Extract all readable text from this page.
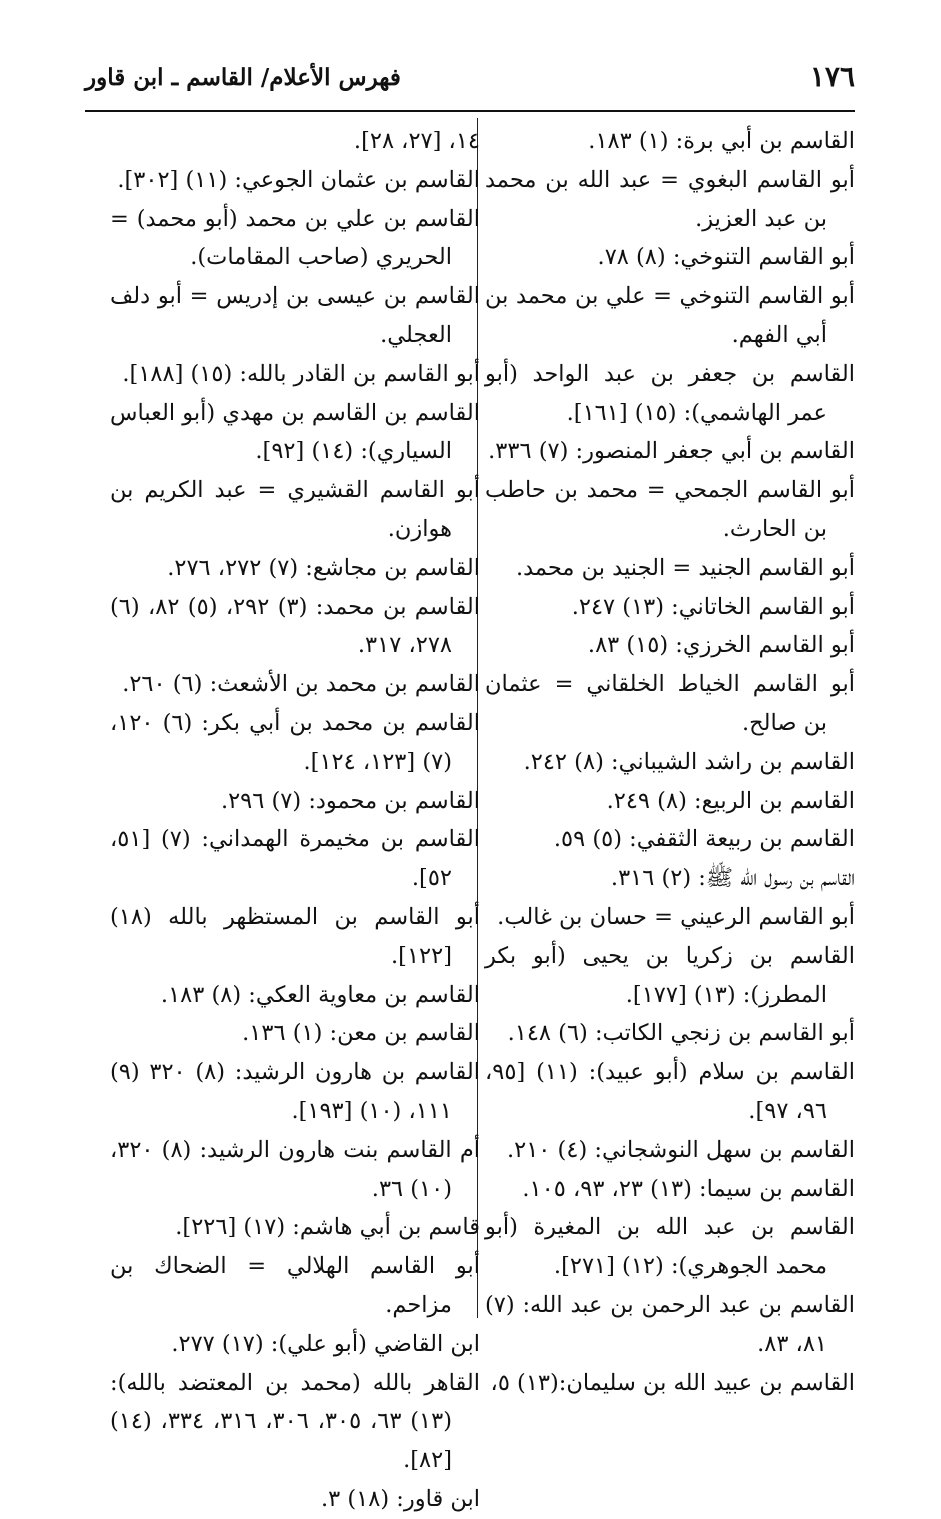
١٧٦
فهرس الأعلام/ القاسم ـ ابن قاور

القاسم بن أبي برة: (١) ١٨٣.

أبو القاسم البغوي = عبد الله بن محمد بن عبد العزيز.

أبو القاسم التنوخي: (٨) ٧٨.

أبو القاسم التنوخي = علي بن محمد بن أبي الفهم.

القاسم بن جعفر بن عبد الواحد (أبو عمر الهاشمي): (١٥) [١٦١].

القاسم بن أبي جعفر المنصور: (٧) ٣٣٦.

أبو القاسم الجمحي = محمد بن حاطب بن الحارث.

أبو القاسم الجنيد = الجنيد بن محمد.

أبو القاسم الخاتاني: (١٣) ٢٤٧.

أبو القاسم الخرزي: (١٥) ٨٣.

أبو القاسم الخياط الخلقاني = عثمان بن صالح.

القاسم بن راشد الشيباني: (٨) ٢٤٢.

القاسم بن الربيع: (٨) ٢٤٩.

القاسم بن ربيعة الثقفي: (٥) ٥٩.

القاسم بن رسول الله ﷺ: (٢) ٣١٦.

أبو القاسم الرعيني = حسان بن غالب.

القاسم بن زكريا بن يحيى (أبو بكر المطرز): (١٣) [١٧٧].

أبو القاسم بن زنجي الكاتب: (٦) ١٤٨.

القاسم بن سلام (أبو عبيد): (١١) [٩٥، ٩٦، ٩٧].

القاسم بن سهل النوشجاني: (٤) ٢١٠.

القاسم بن سيما: (١٣) ٢٣، ٩٣، ١٠٥.

القاسم بن عبد الله بن المغيرة (أبو محمد الجوهري): (١٢) [٢٧١].

القاسم بن عبد الرحمن بن عبد الله: (٧) ٨١، ٨٣.

القاسم بن عبيد الله بن سليمان:(١٣) ٥،

١٤، [٢٧، ٢٨].

القاسم بن عثمان الجوعي: (١١) [٣٠٢].

القاسم بن علي بن محمد (أبو محمد) = الحريري (صاحب المقامات).

القاسم بن عيسى بن إدريس = أبو دلف العجلي.

أبو القاسم بن القادر بالله: (١٥) [١٨٨].

القاسم بن القاسم بن مهدي (أبو العباس السياري): (١٤) [٩٢].

أبو القاسم القشيري = عبد الكريم بن هوازن.

القاسم بن مجاشع: (٧) ٢٧٢، ٢٧٦.

القاسم بن محمد: (٣) ٢٩٢، (٥) ٨٢، (٦) ٢٧٨، ٣١٧.

القاسم بن محمد بن الأشعث: (٦) ٢٦٠.

القاسم بن محمد بن أبي بكر: (٦) ١٢٠، (٧) [١٢٣، ١٢٤].

القاسم بن محمود: (٧) ٢٩٦.

القاسم بن مخيمرة الهمداني: (٧) [٥١، ٥٢].

أبو القاسم بن المستظهر بالله (١٨) [١٢٢].

القاسم بن معاوية العكي: (٨) ١٨٣.

القاسم بن معن: (١) ١٣٦.

القاسم بن هارون الرشيد: (٨) ٣٢٠ (٩) ١١١، (١٠) [١٩٣].

أم القاسم بنت هارون الرشيد: (٨) ٣٢٠، (١٠) ٣٦.

قاسم بن أبي هاشم: (١٧) [٢٢٦].

أبو القاسم الهلالي = الضحاك بن مزاحم.

ابن القاضي (أبو علي): (١٧) ٢٧٧.

القاهر بالله (محمد بن المعتضد بالله): (١٣) ٦٣، ٣٠٥، ٣٠٦، ٣١٦، ٣٣٤، (١٤) [٨٢].

ابن قاور: (١٨) ٣.
